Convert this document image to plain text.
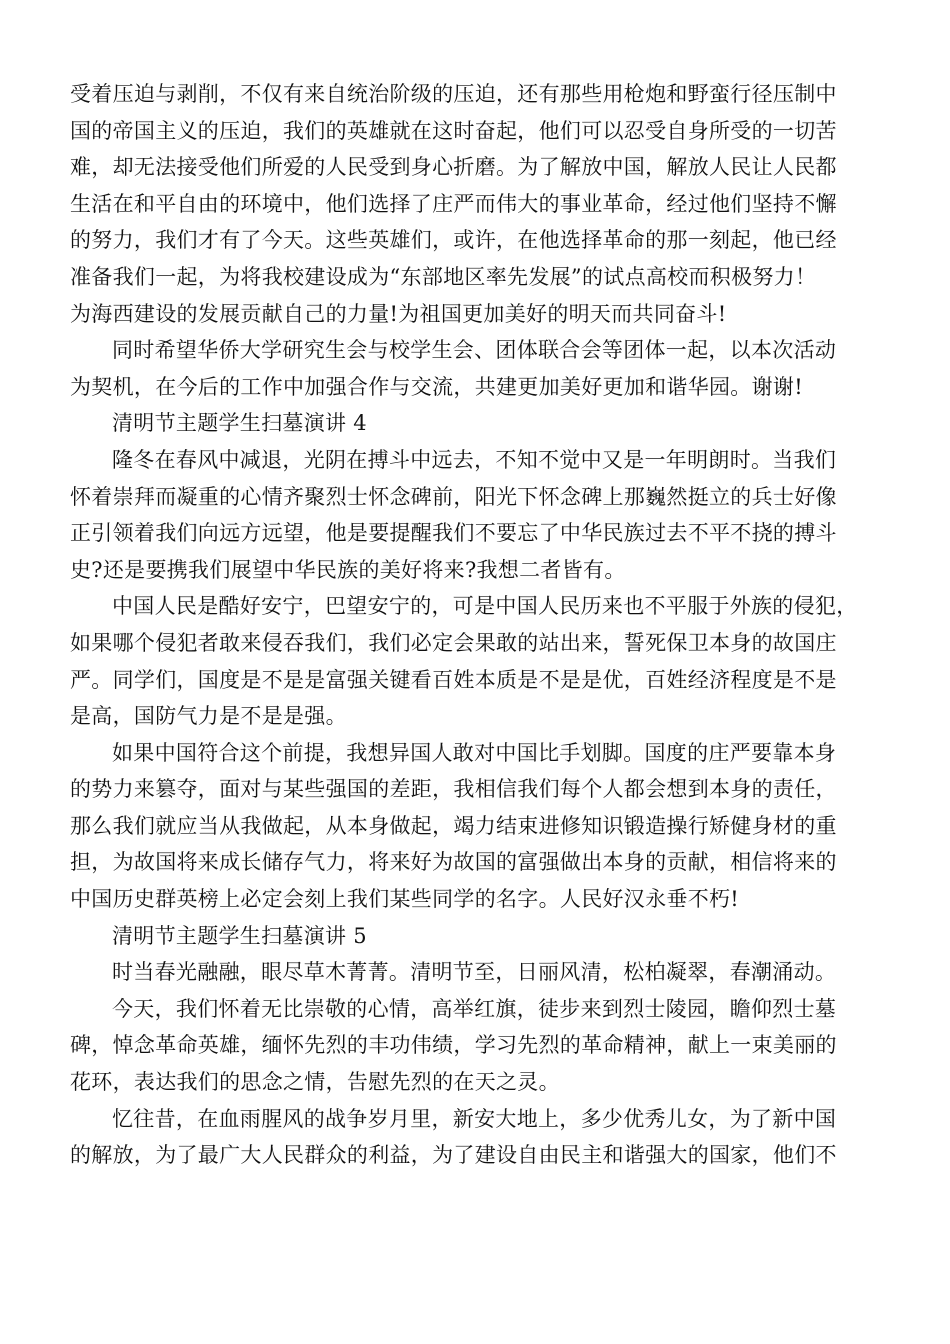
受着压迫与剥削，不仅有来自统治阶级的压迫，还有那些用枪炮和野蛮行径压制中
国的帝国主义的压迫，我们的英雄就在这时奋起，他们可以忍受自身所受的一切苦
难，却无法接受他们所爱的人民受到身心折磨。为了解放中国，解放人民让人民都
生活在和平自由的环境中，他们选择了庄严而伟大的事业革命，经过他们坚持不懈
的努力，我们才有了今天。这些英雄们，或许，在他选择革命的那一刻起，他已经
准备我们一起，为将我校建设成为“东部地区率先发展”的试点高校而积极努力！
为海西建设的发展贡献自己的力量!为祖国更加美好的明天而共同奋斗!
同时希望华侨大学研究生会与校学生会、团体联合会等团体一起，以本次活动
为契机，在今后的工作中加强合作与交流，共建更加美好更加和谐华园。谢谢!
清明节主题学生扫墓演讲 4
隆冬在春风中减退，光阴在搏斗中远去，不知不觉中又是一年明朗时。当我们
怀着崇拜而凝重的心情齐聚烈士怀念碑前，阳光下怀念碑上那巍然挺立的兵士好像
正引领着我们向远方远望，他是要提醒我们不要忘了中华民族过去不平不挠的搏斗
史?还是要携我们展望中华民族的美好将来?我想二者皆有。
中国人民是酷好安宁，巴望安宁的，可是中国人民历来也不平服于外族的侵犯，
如果哪个侵犯者敢来侵吞我们，我们必定会果敢的站出来，誓死保卫本身的故国庄
严。同学们，国度是不是是富强关键看百姓本质是不是是优，百姓经济程度是不是
是高，国防气力是不是是强。
如果中国符合这个前提，我想异国人敢对中国比手划脚。国度的庄严要靠本身
的势力来篡夺，面对与某些强国的差距，我相信我们每个人都会想到本身的责任，
那么我们就应当从我做起，从本身做起，竭力结束进修知识锻造操行矫健身材的重
担，为故国将来成长储存气力，将来好为故国的富强做出本身的贡献，相信将来的
中国历史群英榜上必定会刻上我们某些同学的名字。人民好汉永垂不朽!
清明节主题学生扫墓演讲 5
时当春光融融，眼尽草木菁菁。清明节至，日丽风清，松柏凝翠，春潮涌动。
今天，我们怀着无比崇敬的心情，高举红旗，徒步来到烈士陵园，瞻仰烈士墓
碑，悼念革命英雄，缅怀先烈的丰功伟绩，学习先烈的革命精神，献上一束美丽的
花环，表达我们的思念之情，告慰先烈的在天之灵。
忆往昔，在血雨腥风的战争岁月里，新安大地上，多少优秀儿女，为了新中国
的解放，为了最广大人民群众的利益，为了建设自由民主和谐强大的国家，他们不
